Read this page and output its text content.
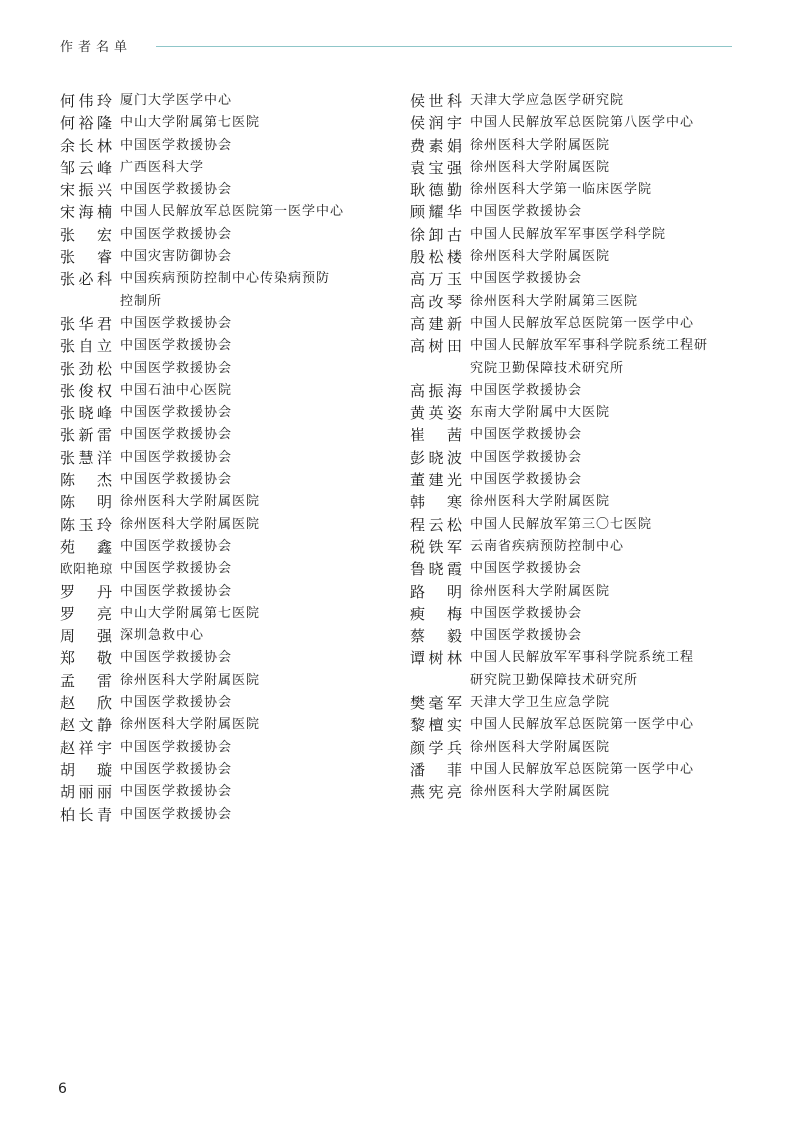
作者名单
何伟玲 厦门大学医学中心
何裕隆 中山大学附属第七医院
余长林 中国医学救援协会
邹云峰 广西医科大学
宋振兴 中国医学救援协会
宋海楠 中国人民解放军总医院第一医学中心
张 宏 中国医学救援协会
张 睿 中国灾害防御协会
张必科 中国疾病预防控制中心传染病预防
控制所
张华君 中国医学救援协会
张自立 中国医学救援协会
张劲松 中国医学救援协会
张俊权 中国石油中心医院
张晓峰 中国医学救援协会
张新雷 中国医学救援协会
张慧洋 中国医学救援协会
陈 杰 中国医学救援协会
陈 明 徐州医科大学附属医院
陈玉玲 徐州医科大学附属医院
苑 鑫 中国医学救援协会
欧阳艳琼 中国医学救援协会
罗 丹 中国医学救援协会
罗 亮 中山大学附属第七医院
周 强 深圳急救中心
郑 敬 中国医学救援协会
孟 雷 徐州医科大学附属医院
赵 欣 中国医学救援协会
赵文静 徐州医科大学附属医院
赵祥宇 中国医学救援协会
胡 璇 中国医学救援协会
胡丽丽 中国医学救援协会
柏长青 中国医学救援协会
侯世科 天津大学应急医学研究院
侯润宇 中国人民解放军总医院第八医学中心
费素娟 徐州医科大学附属医院
袁宝强 徐州医科大学附属医院
耿德勤 徐州医科大学第一临床医学院
顾耀华 中国医学救援协会
徐卸古 中国人民解放军军事医学科学院
殷松楼 徐州医科大学附属医院
高万玉 中国医学救援协会
高改琴 徐州医科大学附属第三医院
高建新 中国人民解放军总医院第一医学中心
高树田 中国人民解放军军事科学院系统工程研
究院卫勤保障技术研究所
高振海 中国医学救援协会
黄英姿 东南大学附属中大医院
崔 茜 中国医学救援协会
彭晓波 中国医学救援协会
董建光 中国医学救援协会
韩 寒 徐州医科大学附属医院
程云松 中国人民解放军第三〇七医院
税铁军 云南省疾病预防控制中心
鲁晓霞 中国医学救援协会
路 明 徐州医科大学附属医院
瘐 梅 中国医学救援协会
蔡 毅 中国医学救援协会
谭树林 中国人民解放军军事科学院系统工程
研究院卫勤保障技术研究所
樊毫军 天津大学卫生应急学院
黎檀实 中国人民解放军总医院第一医学中心
颜学兵 徐州医科大学附属医院
潘 菲 中国人民解放军总医院第一医学中心
燕宪亮 徐州医科大学附属医院
6
